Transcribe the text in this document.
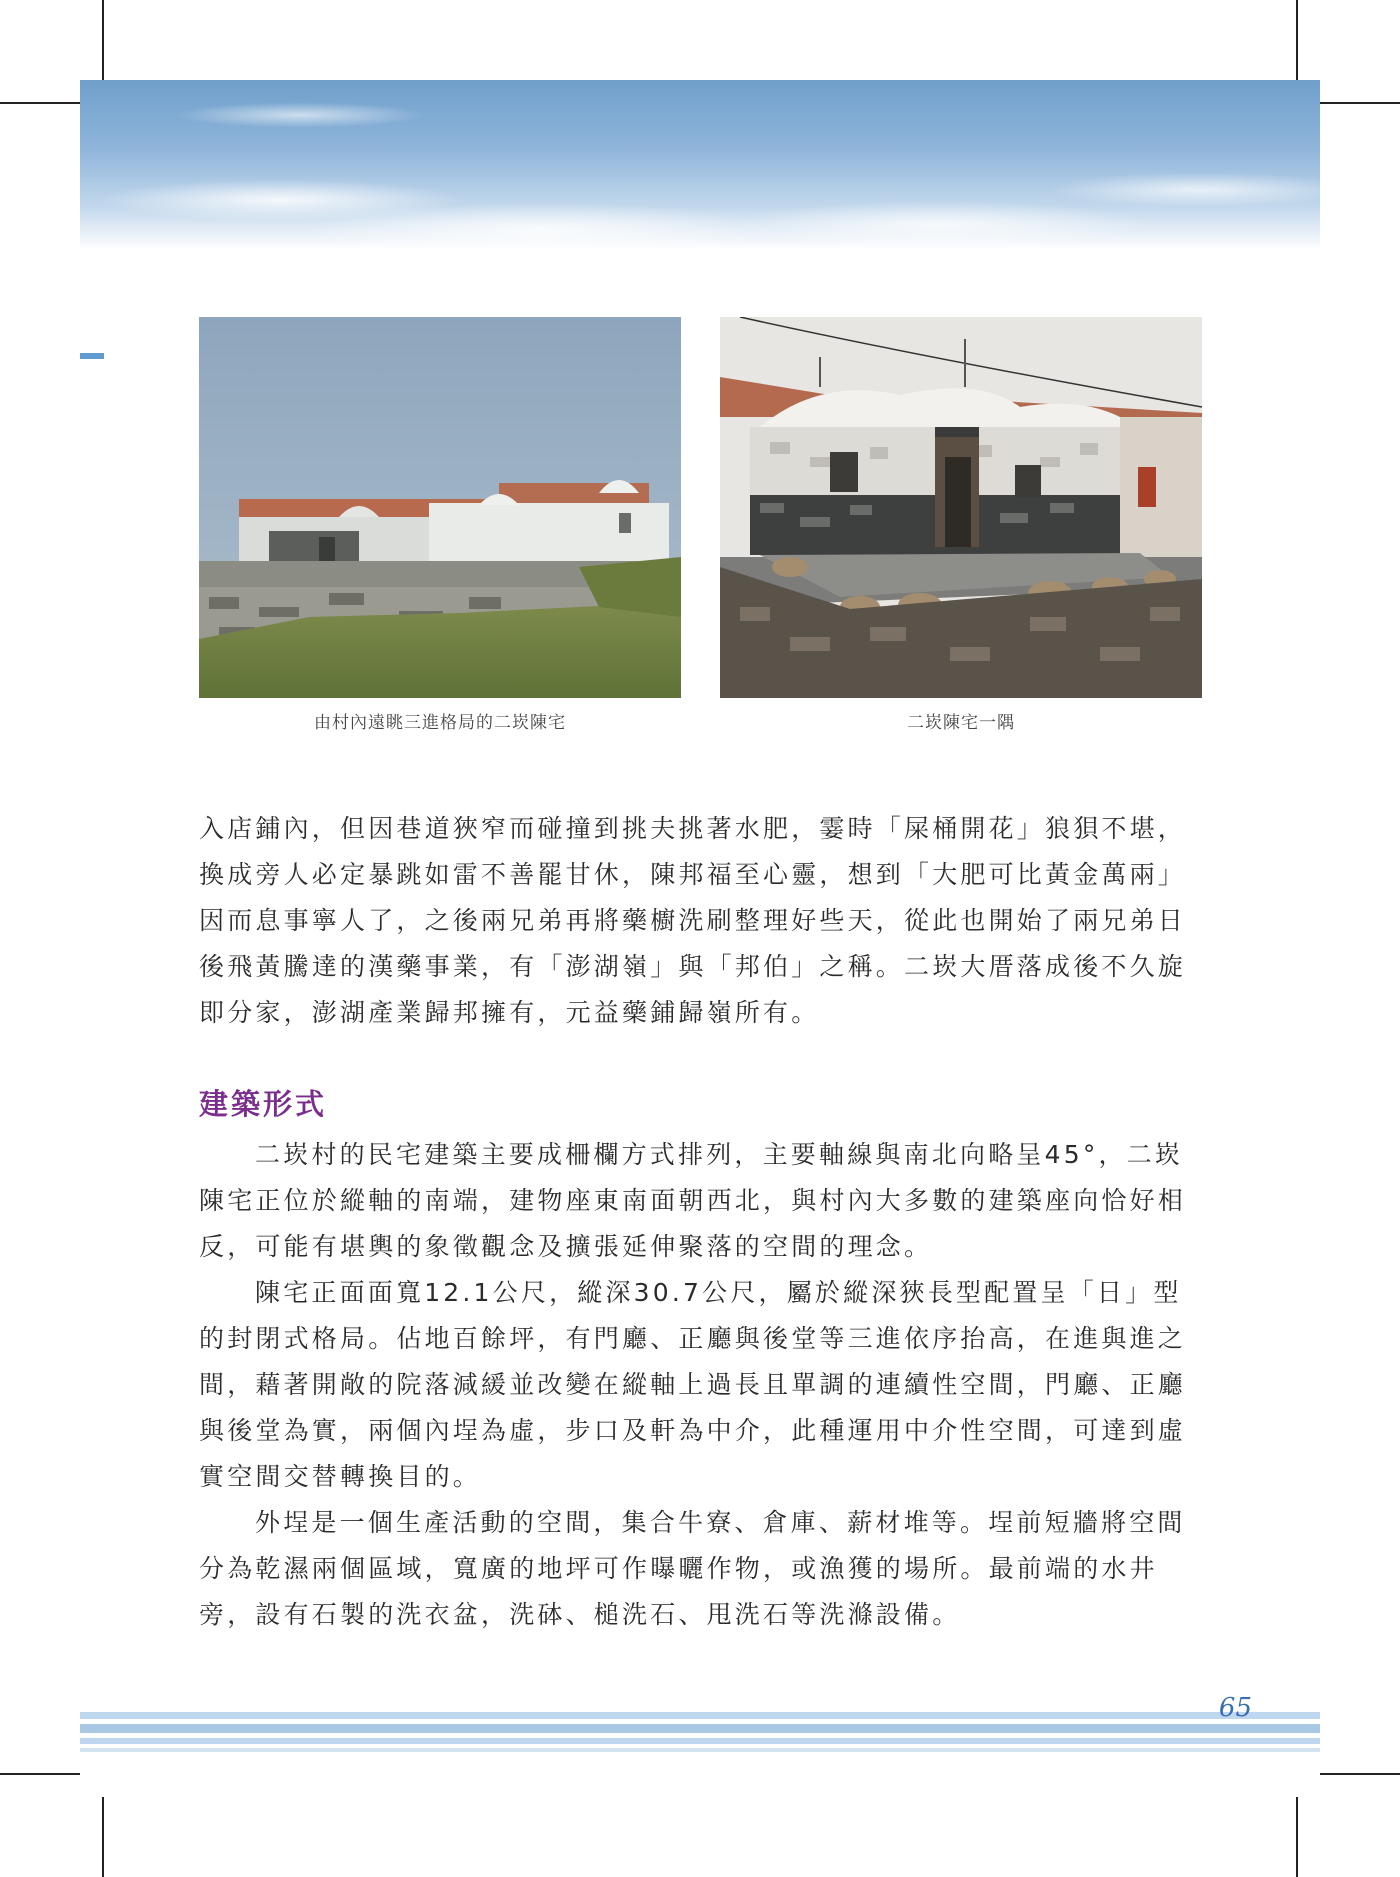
由村內遠眺三進格局的二崁陳宅	二崁陳宅一隅

入店鋪內，但因巷道狹窄而碰撞到挑夫挑著水肥，霎時「屎桶開花」狼狽不堪，換成旁人必定暴跳如雷不善罷甘休，陳邦福至心靈，想到「大肥可比黃金萬兩」因而息事寧人了，之後兩兄弟再將藥櫥洗刷整理好些天，從此也開始了兩兄弟日後飛黃騰達的漢藥事業，有「澎湖嶺」與「邦伯」之稱。二崁大厝落成後不久旋即分家，澎湖產業歸邦擁有，元益藥鋪歸嶺所有。

建築形式

二崁村的民宅建築主要成柵欄方式排列，主要軸線與南北向略呈45°，二崁陳宅正位於縱軸的南端，建物座東南面朝西北，與村內大多數的建築座向恰好相反，可能有堪輿的象徵觀念及擴張延伸聚落的空間的理念。

陳宅正面面寬12.1公尺，縱深30.7公尺，屬於縱深狹長型配置呈「日」型的封閉式格局。佔地百餘坪，有門廳、正廳與後堂等三進依序抬高，在進與進之間，藉著開敞的院落減緩並改變在縱軸上過長且單調的連續性空間，門廳、正廳與後堂為實，兩個內埕為虛，步口及軒為中介，此種運用中介性空間，可達到虛實空間交替轉換目的。

外埕是一個生產活動的空間，集合牛寮、倉庫、薪材堆等。埕前短牆將空間分為乾濕兩個區域，寬廣的地坪可作曝曬作物，或漁獲的場所。最前端的水井旁，設有石製的洗衣盆，洗砵、槌洗石、甩洗石等洗滌設備。

65
